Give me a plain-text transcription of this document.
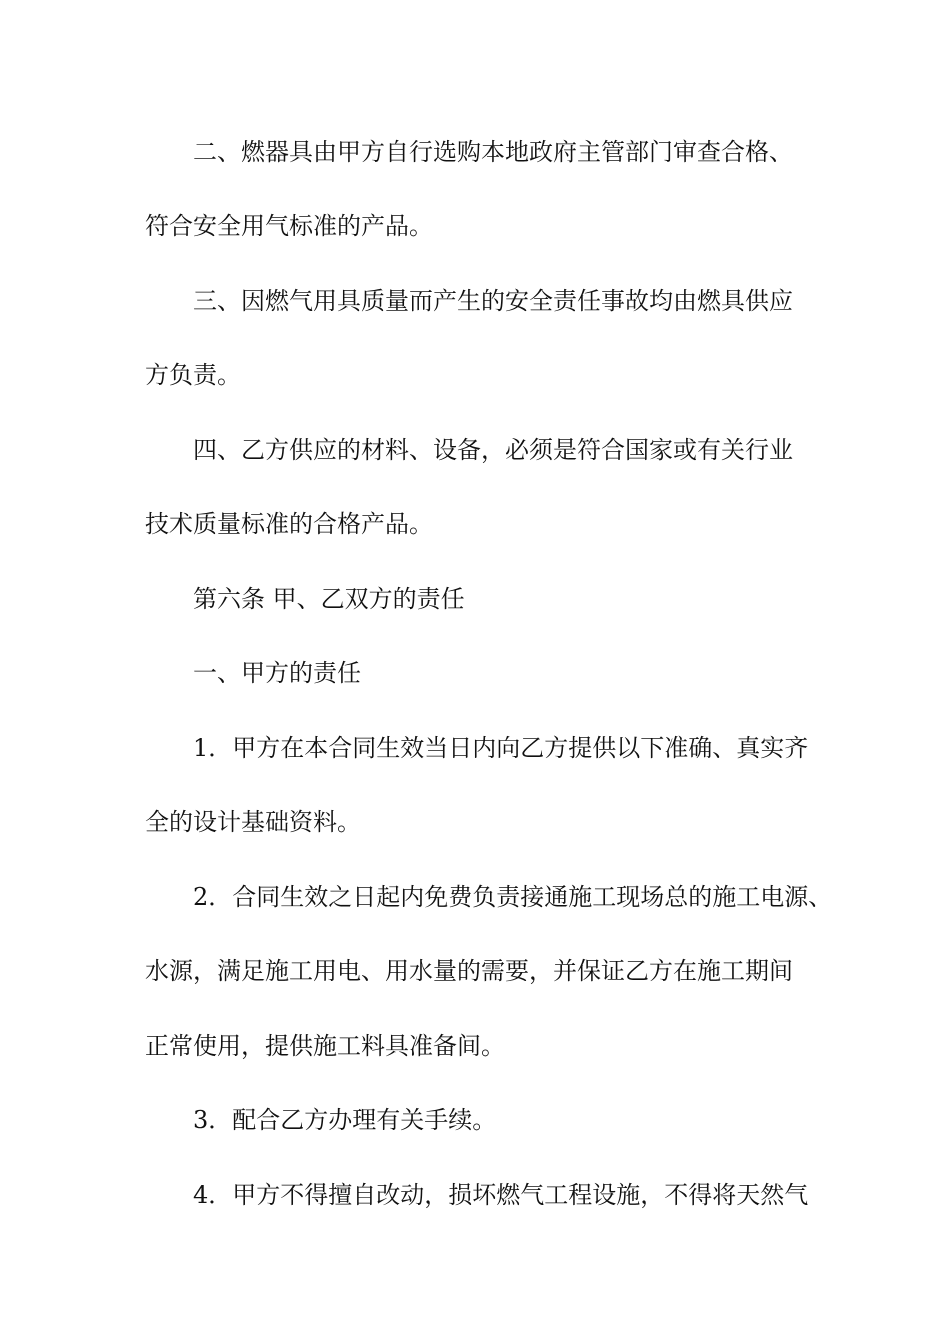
二、燃器具由甲方自行选购本地政府主管部门审查合格、
符合安全用气标准的产品。
三、因燃气用具质量而产生的安全责任事故均由燃具供应
方负责。
四、乙方供应的材料、设备，必须是符合国家或有关行业
技术质量标准的合格产品。
第六条 甲、乙双方的责任
一、甲方的责任
1．甲方在本合同生效当日内向乙方提供以下准确、真实齐
全的设计基础资料。
2．合同生效之日起内免费负责接通施工现场总的施工电源、
水源，满足施工用电、用水量的需要，并保证乙方在施工期间
正常使用，提供施工料具准备间。
3．配合乙方办理有关手续。
4．甲方不得擅自改动，损坏燃气工程设施，不得将天然气
